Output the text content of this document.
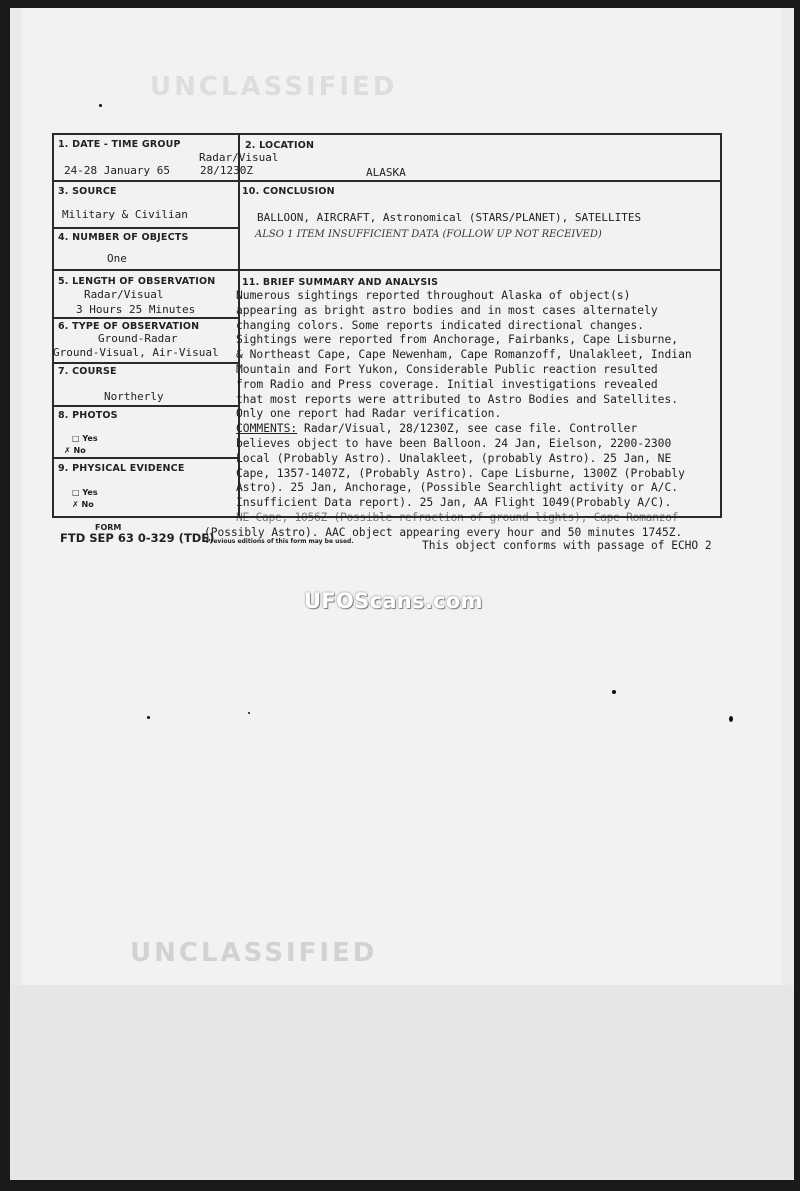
UNCLASSIFIED
UNCLASSIFIED
1. DATE - TIME GROUP
Radar/Visual
24-28 January 65	28/1230Z
2. LOCATION
ALASKA
3. SOURCE
Military & Civilian
10. CONCLUSION
BALLOON, AIRCRAFT, Astronomical (STARS/PLANET), SATELLITES
ALSO 1 ITEM INSUFFICIENT DATA (FOLLOW UP NOT RECEIVED)
4. NUMBER OF OBJECTS
One
5. LENGTH OF OBSERVATION
Radar/Visual
3 Hours 25 Minutes
6. TYPE OF OBSERVATION
Ground-Radar
Ground-Visual, Air-Visual
7. COURSE
Northerly
8. PHOTOS
□ Yes
✗ No
9. PHYSICAL EVIDENCE
□ Yes
✗ No
11. BRIEF SUMMARY AND ANALYSIS
Numerous sightings reported throughout Alaska of object(s)
appearing as bright astro bodies and in most cases alternately
changing colors. Some reports indicated directional changes.
Sightings were reported from Anchorage, Fairbanks, Cape Lisburne,
& Northeast Cape, Cape Newenham, Cape Romanzoff, Unalakleet, Indian
Mountain and Fort Yukon, Considerable Public reaction resulted
from Radio and Press coverage. Initial investigations revealed
that most reports were attributed to Astro Bodies and Satellites.
Only one report had Radar verification.
COMMENTS: Radar/Visual, 28/1230Z, see case file. Controller
believes object to have been Balloon. 24 Jan, Eielson, 2200-2300
Local (Probably Astro). Unalakleet, (probably Astro). 25 Jan, NE
Cape, 1357-1407Z, (Probably Astro). Cape Lisburne, 1300Z (Probably
Astro). 25 Jan, Anchorage, (Possible Searchlight activity or A/C.
Insufficient Data report). 25 Jan, AA Flight 1049(Probably A/C).
NE Cape, 1056Z (Possible refraction of ground lights), Cape Romanzof
(Possibly Astro). AAC object appearing every hour and 50 minutes 1745Z.
This object conforms with passage of ECHO 2
FORM
FTD SEP 63 0-329 (TDE)
Previous editions of this form may be used.
UFOScans.com
